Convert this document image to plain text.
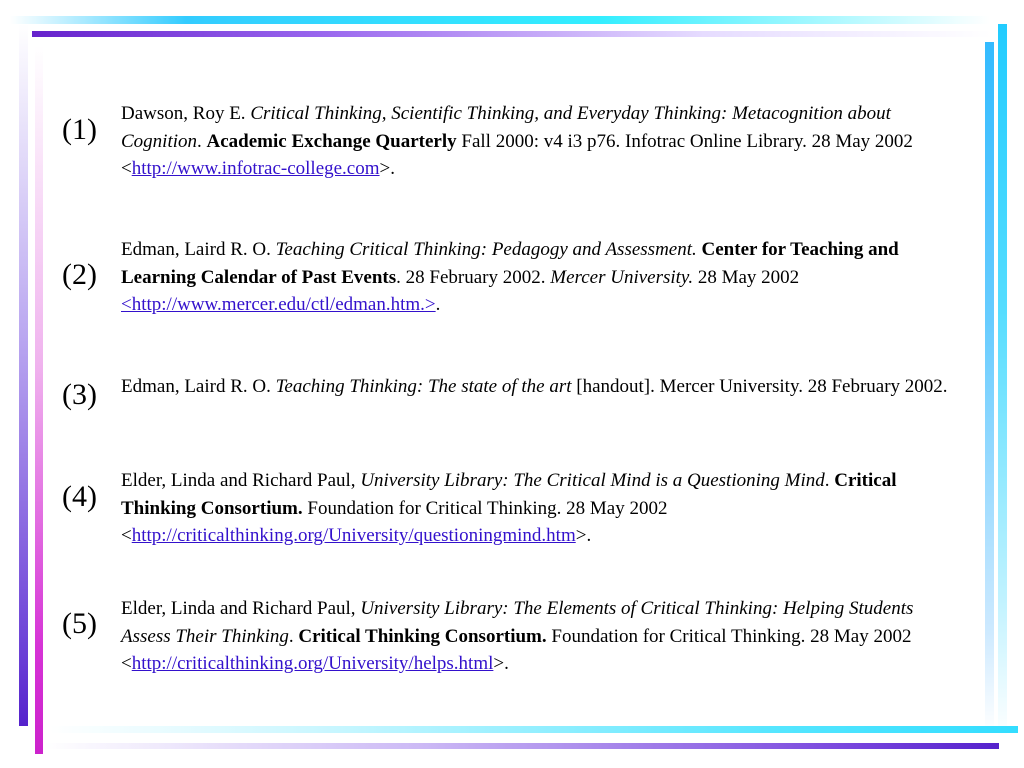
(1) Dawson, Roy E. Critical Thinking, Scientific Thinking, and Everyday Thinking: Metacognition about Cognition. Academic Exchange Quarterly Fall 2000: v4 i3 p76. Infotrac Online Library. 28 May 2002 <http://www.infotrac-college.com>.
(2)
Edman, Laird R. O. Teaching Critical Thinking: Pedagogy and Assessment. Center for Teaching and Learning Calendar of Past Events. 28 February 2002. Mercer University. 28 May 2002 <http://www.mercer.edu/ctl/edman.htm.>.
(3) Edman, Laird R. O. Teaching Thinking: The state of the art [handout]. Mercer University. 28 February 2002.
(4) Elder, Linda and Richard Paul, University Library: The Critical Mind is a Questioning Mind. Critical Thinking Consortium. Foundation for Critical Thinking. 28 May 2002 <http://criticalthinking.org/University/questioningmind.htm>.
(5) Elder, Linda and Richard Paul, University Library: The Elements of Critical Thinking: Helping Students Assess Their Thinking. Critical Thinking Consortium. Foundation for Critical Thinking. 28 May 2002 <http://criticalthinking.org/University/helps.html>.
